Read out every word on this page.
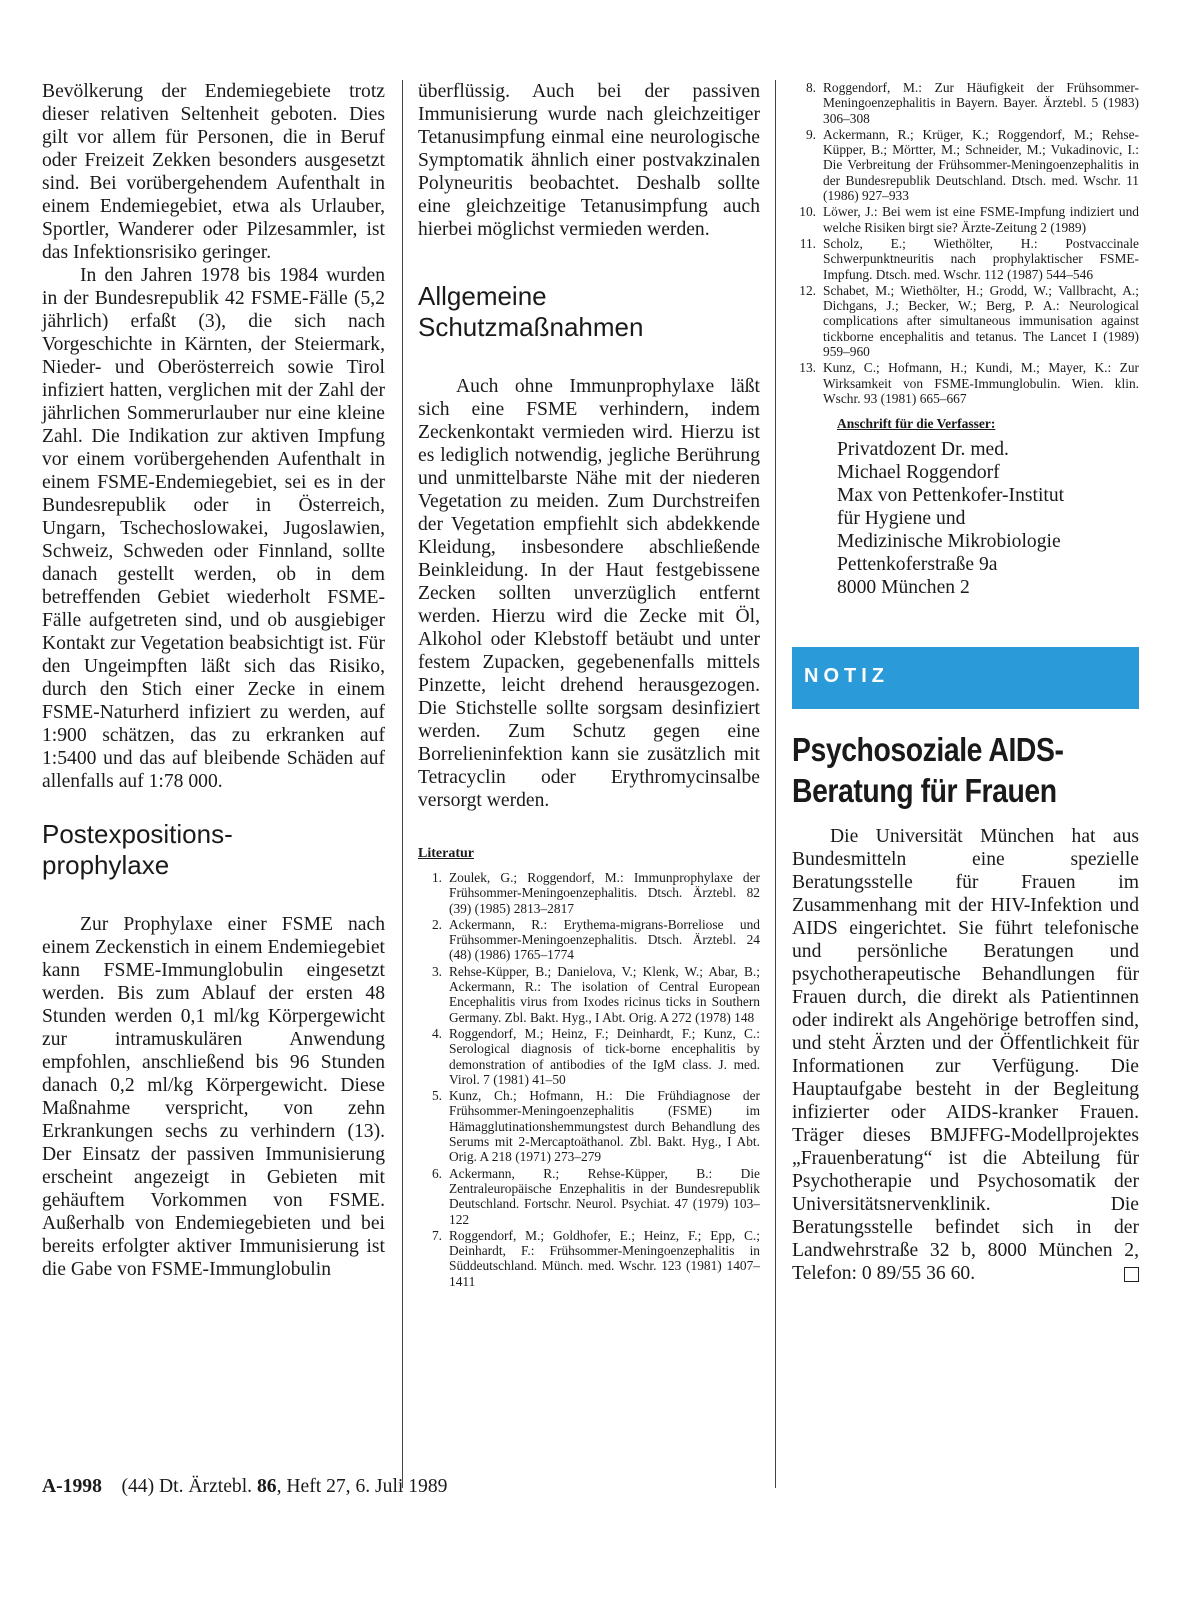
Bevölkerung der Endemiegebiete trotz dieser relativen Seltenheit geboten. Dies gilt vor allem für Personen, die in Beruf oder Freizeit Zekken besonders ausgesetzt sind. Bei vorübergehendem Aufenthalt in einem Endemiegebiet, etwa als Urlauber, Sportler, Wanderer oder Pilzesammler, ist das Infektionsrisiko geringer.

In den Jahren 1978 bis 1984 wurden in der Bundesrepublik 42 FSME-Fälle (5,2 jährlich) erfaßt (3), die sich nach Vorgeschichte in Kärnten, der Steiermark, Nieder- und Oberösterreich sowie Tirol infiziert hatten, verglichen mit der Zahl der jährlichen Sommerurlauber nur eine kleine Zahl. Die Indikation zur aktiven Impfung vor einem vorübergehenden Aufenthalt in einem FSME-Endemiegebiet, sei es in der Bundesrepublik oder in Österreich, Ungarn, Tschechoslowakei, Jugoslawien, Schweiz, Schweden oder Finnland, sollte danach gestellt werden, ob in dem betreffenden Gebiet wiederholt FSME-Fälle aufgetreten sind, und ob ausgiebiger Kontakt zur Vegetation beabsichtigt ist. Für den Ungeimpften läßt sich das Risiko, durch den Stich einer Zecke in einem FSME-Naturherd infiziert zu werden, auf 1:900 schätzen, das zu erkranken auf 1:5400 und das auf bleibende Schäden auf allenfalls auf 1:78 000.

Postexpositions-
prophylaxe

Zur Prophylaxe einer FSME nach einem Zeckenstich in einem Endemiegebiet kann FSME-Immunglobulin eingesetzt werden. Bis zum Ablauf der ersten 48 Stunden werden 0,1 ml/kg Körpergewicht zur intramuskulären Anwendung empfohlen, anschließend bis 96 Stunden danach 0,2 ml/kg Körpergewicht. Diese Maßnahme verspricht, von zehn Erkrankungen sechs zu verhindern (13). Der Einsatz der passiven Immunisierung erscheint angezeigt in Gebieten mit gehäuftem Vorkommen von FSME. Außerhalb von Endemiegebieten und bei bereits erfolgter aktiver Immunisierung ist die Gabe von FSME-Immunglobulin

überflüssig. Auch bei der passiven Immunisierung wurde nach gleichzeitiger Tetanusimpfung einmal eine neurologische Symptomatik ähnlich einer postvakzinalen Polyneuritis beobachtet. Deshalb sollte eine gleichzeitige Tetanusimpfung auch hierbei möglichst vermieden werden.

Allgemeine
Schutzmaßnahmen

Auch ohne Immunprophylaxe läßt sich eine FSME verhindern, indem Zeckenkontakt vermieden wird. Hierzu ist es lediglich notwendig, jegliche Berührung und unmittelbarste Nähe mit der niederen Vegetation zu meiden. Zum Durchstreifen der Vegetation empfiehlt sich abdekkende Kleidung, insbesondere abschließende Beinkleidung. In der Haut festgebissene Zecken sollten unverzüglich entfernt werden. Hierzu wird die Zecke mit Öl, Alkohol oder Klebstoff betäubt und unter festem Zupacken, gegebenenfalls mittels Pinzette, leicht drehend herausgezogen. Die Stichstelle sollte sorgsam desinfiziert werden. Zum Schutz gegen eine Borrelieninfektion kann sie zusätzlich mit Tetracyclin oder Erythromycinsalbe versorgt werden.

Literatur
1. Zoulek, G.; Roggendorf, M.: Immunprophylaxe der Frühsommer-Meningoenzephalitis. Dtsch. Ärztebl. 82 (39) (1985) 2813–2817
2. Ackermann, R.: Erythema-migrans-Borreliose und Frühsommer-Meningoenzephalitis. Dtsch. Ärztebl. 24 (48) (1986) 1765–1774
3. Rehse-Küpper, B.; Danielova, V.; Klenk, W.; Abar, B.; Ackermann, R.: The isolation of Central European Encephalitis virus from Ixodes ricinus ticks in Southern Germany. Zbl. Bakt. Hyg., I Abt. Orig. A 272 (1978) 148
4. Roggendorf, M.; Heinz, F.; Deinhardt, F.; Kunz, C.: Serological diagnosis of tick-borne encephalitis by demonstration of antibodies of the IgM class. J. med. Virol. 7 (1981) 41–50
5. Kunz, Ch.; Hofmann, H.: Die Frühdiagnose der Frühsommer-Meningoenzephalitis (FSME) im Hämagglutinationshemmungstest durch Behandlung des Serums mit 2-Mercaptoäthanol. Zbl. Bakt. Hyg., I Abt. Orig. A 218 (1971) 273–279
6. Ackermann, R.; Rehse-Küpper, B.: Die Zentraleuropäische Enzephalitis in der Bundesrepublik Deutschland. Fortschr. Neurol. Psychiat. 47 (1979) 103–122
7. Roggendorf, M.; Goldhofer, E.; Heinz, F.; Epp, C.; Deinhardt, F.: Frühsommer-Meningoenzephalitis in Süddeutschland. Münch. med. Wschr. 123 (1981) 1407–1411
8. Roggendorf, M.: Zur Häufigkeit der Frühsommer-Meningoenzephalitis in Bayern. Bayer. Ärztebl. 5 (1983) 306–308
9. Ackermann, R.; Krüger, K.; Roggendorf, M.; Rehse-Küpper, B.; Mörtter, M.; Schneider, M.; Vukadinovic, I.: Die Verbreitung der Frühsommer-Meningoenzephalitis in der Bundesrepublik Deutschland. Dtsch. med. Wschr. 11 (1986) 927–933
10. Löwer, J.: Bei wem ist eine FSME-Impfung indiziert und welche Risiken birgt sie? Ärzte-Zeitung 2 (1989)
11. Scholz, E.; Wiethölter, H.: Postvaccinale Schwerpunktneuritis nach prophylaktischer FSME-Impfung. Dtsch. med. Wschr. 112 (1987) 544–546
12. Schabet, M.; Wiethölter, H.; Grodd, W.; Vallbracht, A.; Dichgans, J.; Becker, W.; Berg, P. A.: Neurological complications after simultaneous immunisation against tickborne encephalitis and tetanus. The Lancet I (1989) 959–960
13. Kunz, C.; Hofmann, H.; Kundi, M.; Mayer, K.: Zur Wirksamkeit von FSME-Immunglobulin. Wien. klin. Wschr. 93 (1981) 665–667
Anschrift für die Verfasser:
Privatdozent Dr. med.
Michael Roggendorf
Max von Pettenkofer-Institut
für Hygiene und
Medizinische Mikrobiologie
Pettenkoferstraße 9a
8000 München 2
NOTIZ
Psychosoziale AIDS-
Beratung für Frauen

Die Universität München hat aus Bundesmitteln eine spezielle Beratungsstelle für Frauen im Zusammenhang mit der HIV-Infektion und AIDS eingerichtet. Sie führt telefonische und persönliche Beratungen und psychotherapeutische Behandlungen für Frauen durch, die direkt als Patientinnen oder indirekt als Angehörige betroffen sind, und steht Ärzten und der Öffentlichkeit für Informationen zur Verfügung. Die Hauptaufgabe besteht in der Begleitung infizierter oder AIDS-kranker Frauen. Träger dieses BMJFFG-Modellprojektes „Frauenberatung“ ist die Abteilung für Psychotherapie und Psychosomatik der Universitätsnervenklinik. Die Beratungsstelle befindet sich in der Landwehrstraße 32 b, 8000 München 2, Telefon: 0 89/55 36 60.

A-1998 (44) Dt. Ärztebl. 86, Heft 27, 6. Juli 1989
